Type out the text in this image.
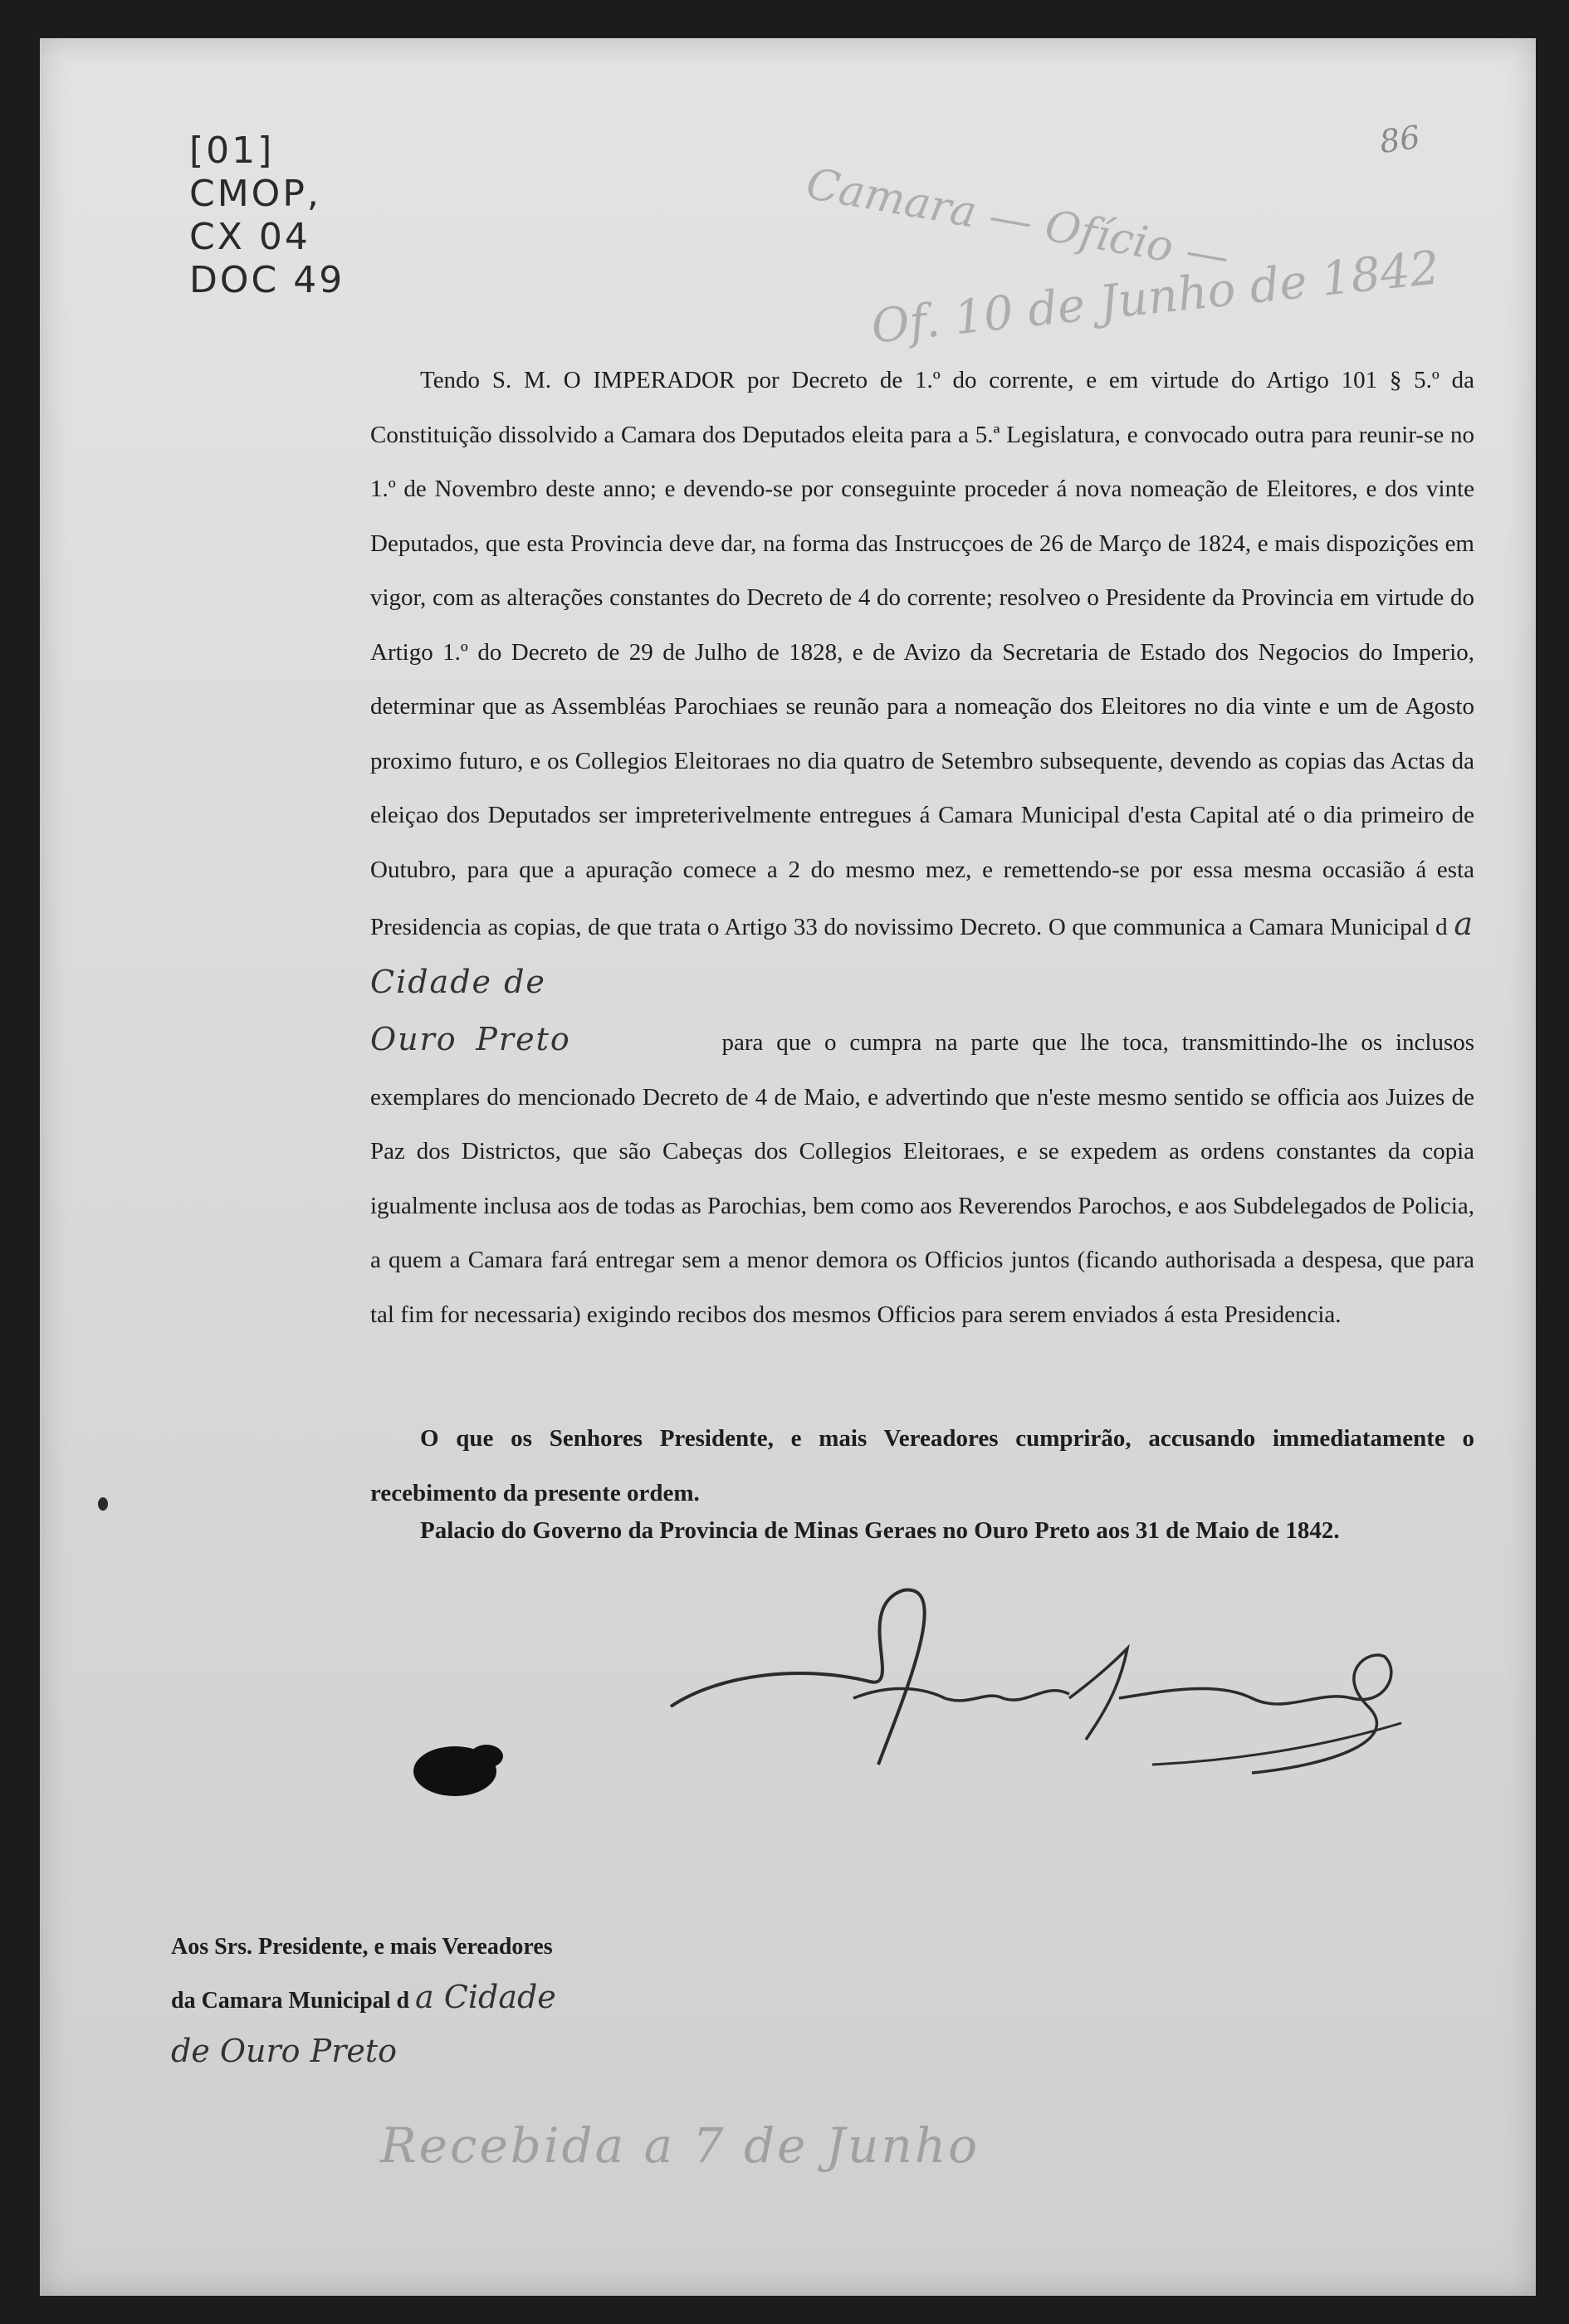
[01]
CMOP,
CX 04
DOC 49
86
Camara — Ofício —
Of. 10 de Junho de 1842
Tendo S. M. O IMPERADOR por Decreto de 1.º do corrente, e em virtude do Artigo 101 § 5.º da Constituição dissolvido a Camara dos Deputados eleita para a 5.ª Legislatura, e convocado outra para reunir-se no 1.º de Novembro deste anno; e devendo-se por conseguinte proceder á nova nomeação de Eleitores, e dos vinte Deputados, que esta Provincia deve dar, na forma das Instrucçoes de 26 de Março de 1824, e mais dispozições em vigor, com as alterações constantes do Decreto de 4 do corrente; resolveo o Presidente da Provincia em virtude do Artigo 1.º do Decreto de 29 de Julho de 1828, e de Avizo da Secretaria de Estado dos Negocios do Imperio, determinar que as Assembléas Parochiaes se reunão para a nomeação dos Eleitores no dia vinte e um de Agosto proximo futuro, e os Collegios Eleitoraes no dia quatro de Setembro subsequente, devendo as copias das Actas da eleiçao dos Deputados ser impreterivelmente entregues á Camara Municipal d'esta Capital até o dia primeiro de Outubro, para que a apuração comece a 2 do mesmo mez, e remettendo-se por essa mesma occasião á esta Presidencia as copias, de que trata o Artigo 33 do novissimo Decreto. O que communica a Camara Municipal d a Cidade de
Ouro Preto	para que o cumpra na parte que lhe toca, transmittindo-lhe os inclusos exemplares do mencionado Decreto de 4 de Maio, e advertindo que n'este mesmo sentido se officia aos Juizes de Paz dos Districtos, que são Cabeças dos Collegios Eleitoraes, e se expedem as ordens constantes da copia igualmente inclusa aos de todas as Parochias, bem como aos Reverendos Parochos, e aos Subdelegados de Policia, a quem a Camara fará entregar sem a menor demora os Officios juntos (ficando authorisada a despesa, que para tal fim for necessaria) exigindo recibos dos mesmos Officios para serem enviados á esta Presidencia.
O que os Senhores Presidente, e mais Vereadores cumprirão, accusando immediatamente o recebimento da presente ordem.
Palacio do Governo da Provincia de Minas Geraes no Ouro Preto aos 31 de Maio de 1842.
Aos Srs. Presidente, e mais Vereadores
da Camara Municipal d a Cidade
de Ouro Preto
Recebida a 7 de Junho
